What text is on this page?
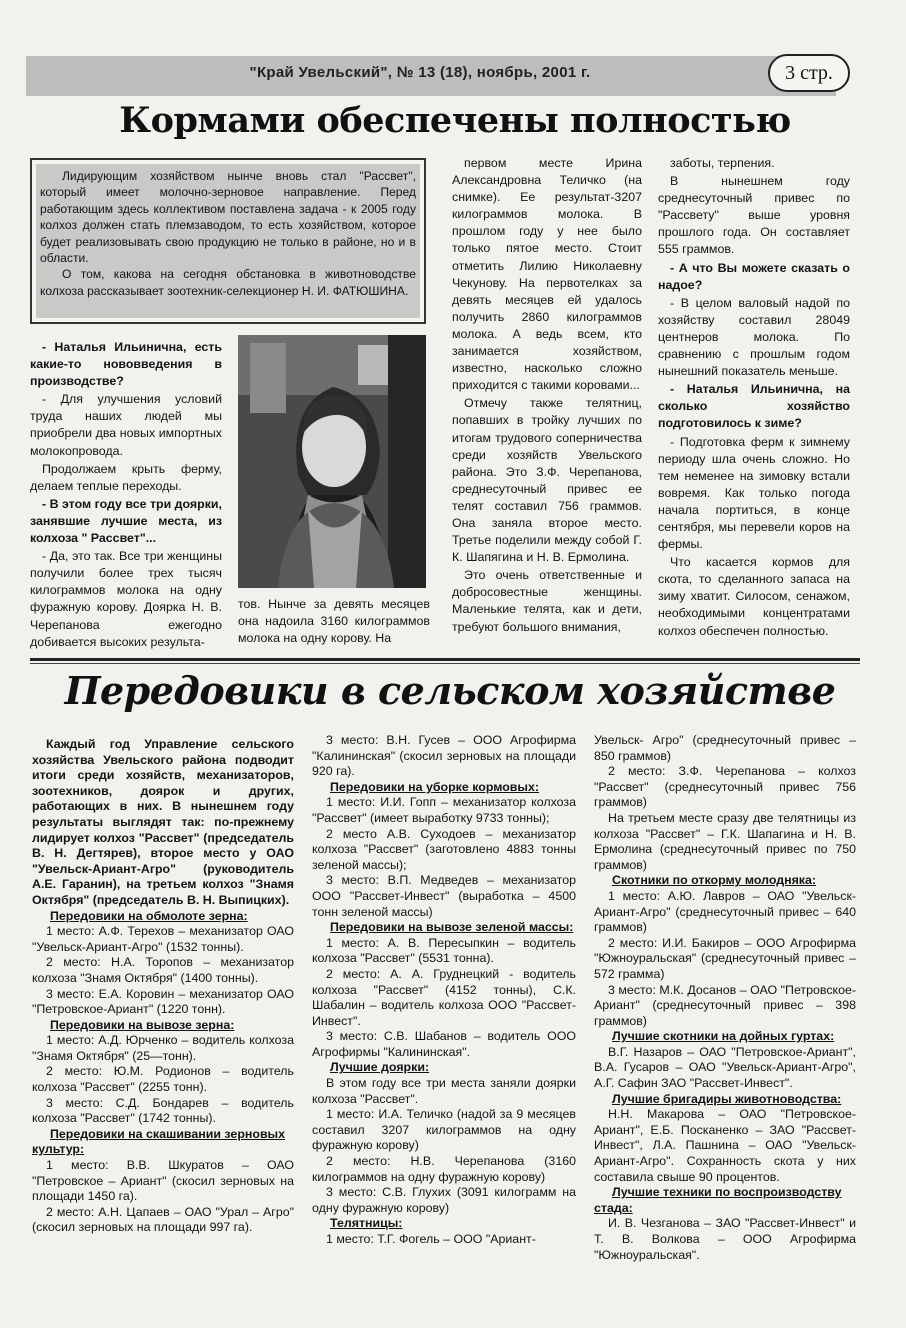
"Край Увельский", № 13 (18), ноябрь, 2001 г.	3 стр.
Кормами обеспечены полностью

Лидирующим хозяйством нынче вновь стал "Рассвет", который имеет молочно-зерновое направление. Перед работающим здесь коллективом поставлена задача - к 2005 году колхоз должен стать племзаводом, то есть хозяйством, которое будет реализовывать свою продукцию не только в районе, но и в области.

О том, какова на сегодня обстановка в животноводстве колхоза рассказывает зоотехник-селекционер Н. И. ФАТЮШИНА.

- Наталья Ильинична, есть какие-то нововведения в производстве?

- Для улучшения условий труда наших людей мы приобрели два новых импортных молокопровода.

Продолжаем крыть ферму, делаем теплые переходы.

- В этом году все три доярки, занявшие лучшие места, из колхоза " Рассвет"...

- Да, это так. Все три женщины получили более трех тысяч килограммов молока на одну фуражную корову. Доярка Н. В. Черепанова ежегодно добивается высоких результа-

тов. Нынче за девять месяцев она надоила 3160 килограммов молока на одну корову. На

первом месте Ирина Александровна Теличко (на снимке). Ее результат-3207 килограммов молока. В прошлом году у нее было только пятое место. Стоит отметить Лилию Николаевну Чекунову. На первотелках за девять месяцев ей удалось получить 2860 килограммов молока. А ведь всем, кто занимается хозяйством, известно, насколько сложно приходится с такими коровами...

Отмечу также телятниц, попавших в тройку лучших по итогам трудового соперничества среди хозяйств Увельского района. Это З.Ф. Черепанова, среднесуточный привес ее телят составил 756 граммов. Она заняла второе место. Третье поделили между собой Г. К. Шапягина и Н. В. Ермолина.

Это очень ответственные и добросовестные женщины. Маленькие телята, как и дети, требуют большого внимания,

заботы, терпения.

В нынешнем году среднесуточный привес по "Рассвету" выше уровня прошлого года. Он составляет 555 граммов.

- А что Вы можете сказать о надое?

- В целом валовый надой по хозяйству составил 28049 центнеров молока. По сравнению с прошлым годом нынешний показатель меньше.

- Наталья Ильинична, на сколько хозяйство подготовилось к зиме?

- Подготовка ферм к зимнему периоду шла очень сложно. Но тем неменее на зимовку встали вовремя. Как только погода начала портиться, в конце сентября, мы перевели коров на фермы.

Что касается кормов для скота, то сделанного запаса на зиму хватит. Силосом, сенажом, необходимыми концентратами колхоз обеспечен полностью.

Передовики в сельском хозяйстве

Каждый год Управление сельского хозяйства Увельского района подводит итоги среди хозяйств, механизаторов, зоотехников, доярок и других, работающих в них. В нынешнем году результаты выглядят так: по-прежнему лидирует колхоз "Рассвет" (председатель В. Н. Дегтярев), второе место у ОАО "Увельск-Ариант-Агро" (руководитель А.Е. Гаранин), на третьем колхоз "Знамя Октября" (председатель В. Н. Выпицких).

Передовики на обмолоте зерна:

1 место: А.Ф. Терехов – механизатор ОАО "Увельск-Ариант-Агро" (1532 тонны).

2 место: Н.А. Торопов – механизатор колхоза "Знамя Октября" (1400 тонны).

3 место: Е.А. Коровин – механизатор ОАО "Петровское-Ариант" (1220 тонн).

Передовики на вывозе зерна:

1 место: А.Д. Юрченко – водитель колхоза "Знамя Октября" (25—тонн).

2 место: Ю.М. Родионов – водитель колхоза "Рассвет" (2255 тонн).

3 место: С.Д. Бондарев – водитель колхоза "Рассвет" (1742 тонны).

Передовики на скашивании зерновых культур:

1 место: В.В. Шкуратов – ОАО "Петровское – Ариант" (скосил зерновых на площади 1450 га).

2 место: А.Н. Цапаев – ОАО "Урал – Агро" (скосил зерновых на площади 997 га).

3 место: В.Н. Гусев – ООО Агрофирма "Калининская" (скосил зерновых на площади 920 га).

Передовики на уборке кормовых:

1 место: И.И. Гопп – механизатор колхоза "Рассвет" (имеет выработку 9733 тонны);

2 место А.В. Суходоев – механизатор колхоза "Рассвет" (заготовлено 4883 тонны зеленой массы);

3 место: В.П. Медведев – механизатор ООО "Рассвет-Инвест" (выработка – 4500 тонн зеленой массы)

Передовики на вывозе зеленой массы:

1 место: А. В. Пересыпкин – водитель колхоза "Рассвет" (5531 тонна).

2 место: А. А. Груднецкий - водитель колхоза "Рассвет" (4152 тонны), С.К. Шабалин – водитель колхоза ООО "Рассвет-Инвест".

3 место: С.В. Шабанов – водитель ООО Агрофирмы "Калининская".

Лучшие доярки:

В этом году все три места заняли доярки колхоза "Рассвет".

1 место: И.А. Теличко (надой за 9 месяцев составил 3207 килограммов на одну фуражную корову)

2 место: Н.В. Черепанова (3160 килограммов на одну фуражную корову)

3 место: С.В. Глухих (3091 килограмм на одну фуражную корову)

Телятницы:

1 место: Т.Г. Фогель – ООО "Ариант-

Увельск- Агро" (среднесуточный привес – 850 граммов)

2 место: З.Ф. Черепанова – колхоз "Рассвет" (среднесуточный привес 756 граммов)

На третьем месте сразу две телятницы из колхоза "Рассвет" – Г.К. Шапагина и Н. В. Ермолина (среднесуточный привес по 750 граммов)

Скотники по откорму молодняка:

1 место: А.Ю. Лавров – ОАО "Увельск-Ариант-Агро" (среднесуточный привес – 640 граммов)

2 место: И.И. Бакиров – ООО Агрофирма "Южноуральская" (среднесуточный привес – 572 грамма)

3 место: М.К. Досанов – ОАО "Петровское-Ариант" (среднесуточный привес – 398 граммов)

Лучшие скотники на дойных гуртах:

В.Г. Назаров – ОАО "Петровское-Ариант", В.А. Гусаров – ОАО "Увельск-Ариант-Агро", А.Г. Сафин ЗАО "Рассвет-Инвест".

Лучшие бригадиры животноводства:

Н.Н. Макарова – ОАО "Петровское-Ариант", Е.Б. Посканенко – ЗАО "Рассвет-Инвест", Л.А. Пашнина – ОАО "Увельск-Ариант-Агро". Сохранность скота у них составила свыше 90 процентов.

Лучшие техники по воспроизводству стада:

И. В. Чезганова – ЗАО "Рассвет-Инвест" и Т. В. Волкова – ООО Агрофирма "Южноуральская".
